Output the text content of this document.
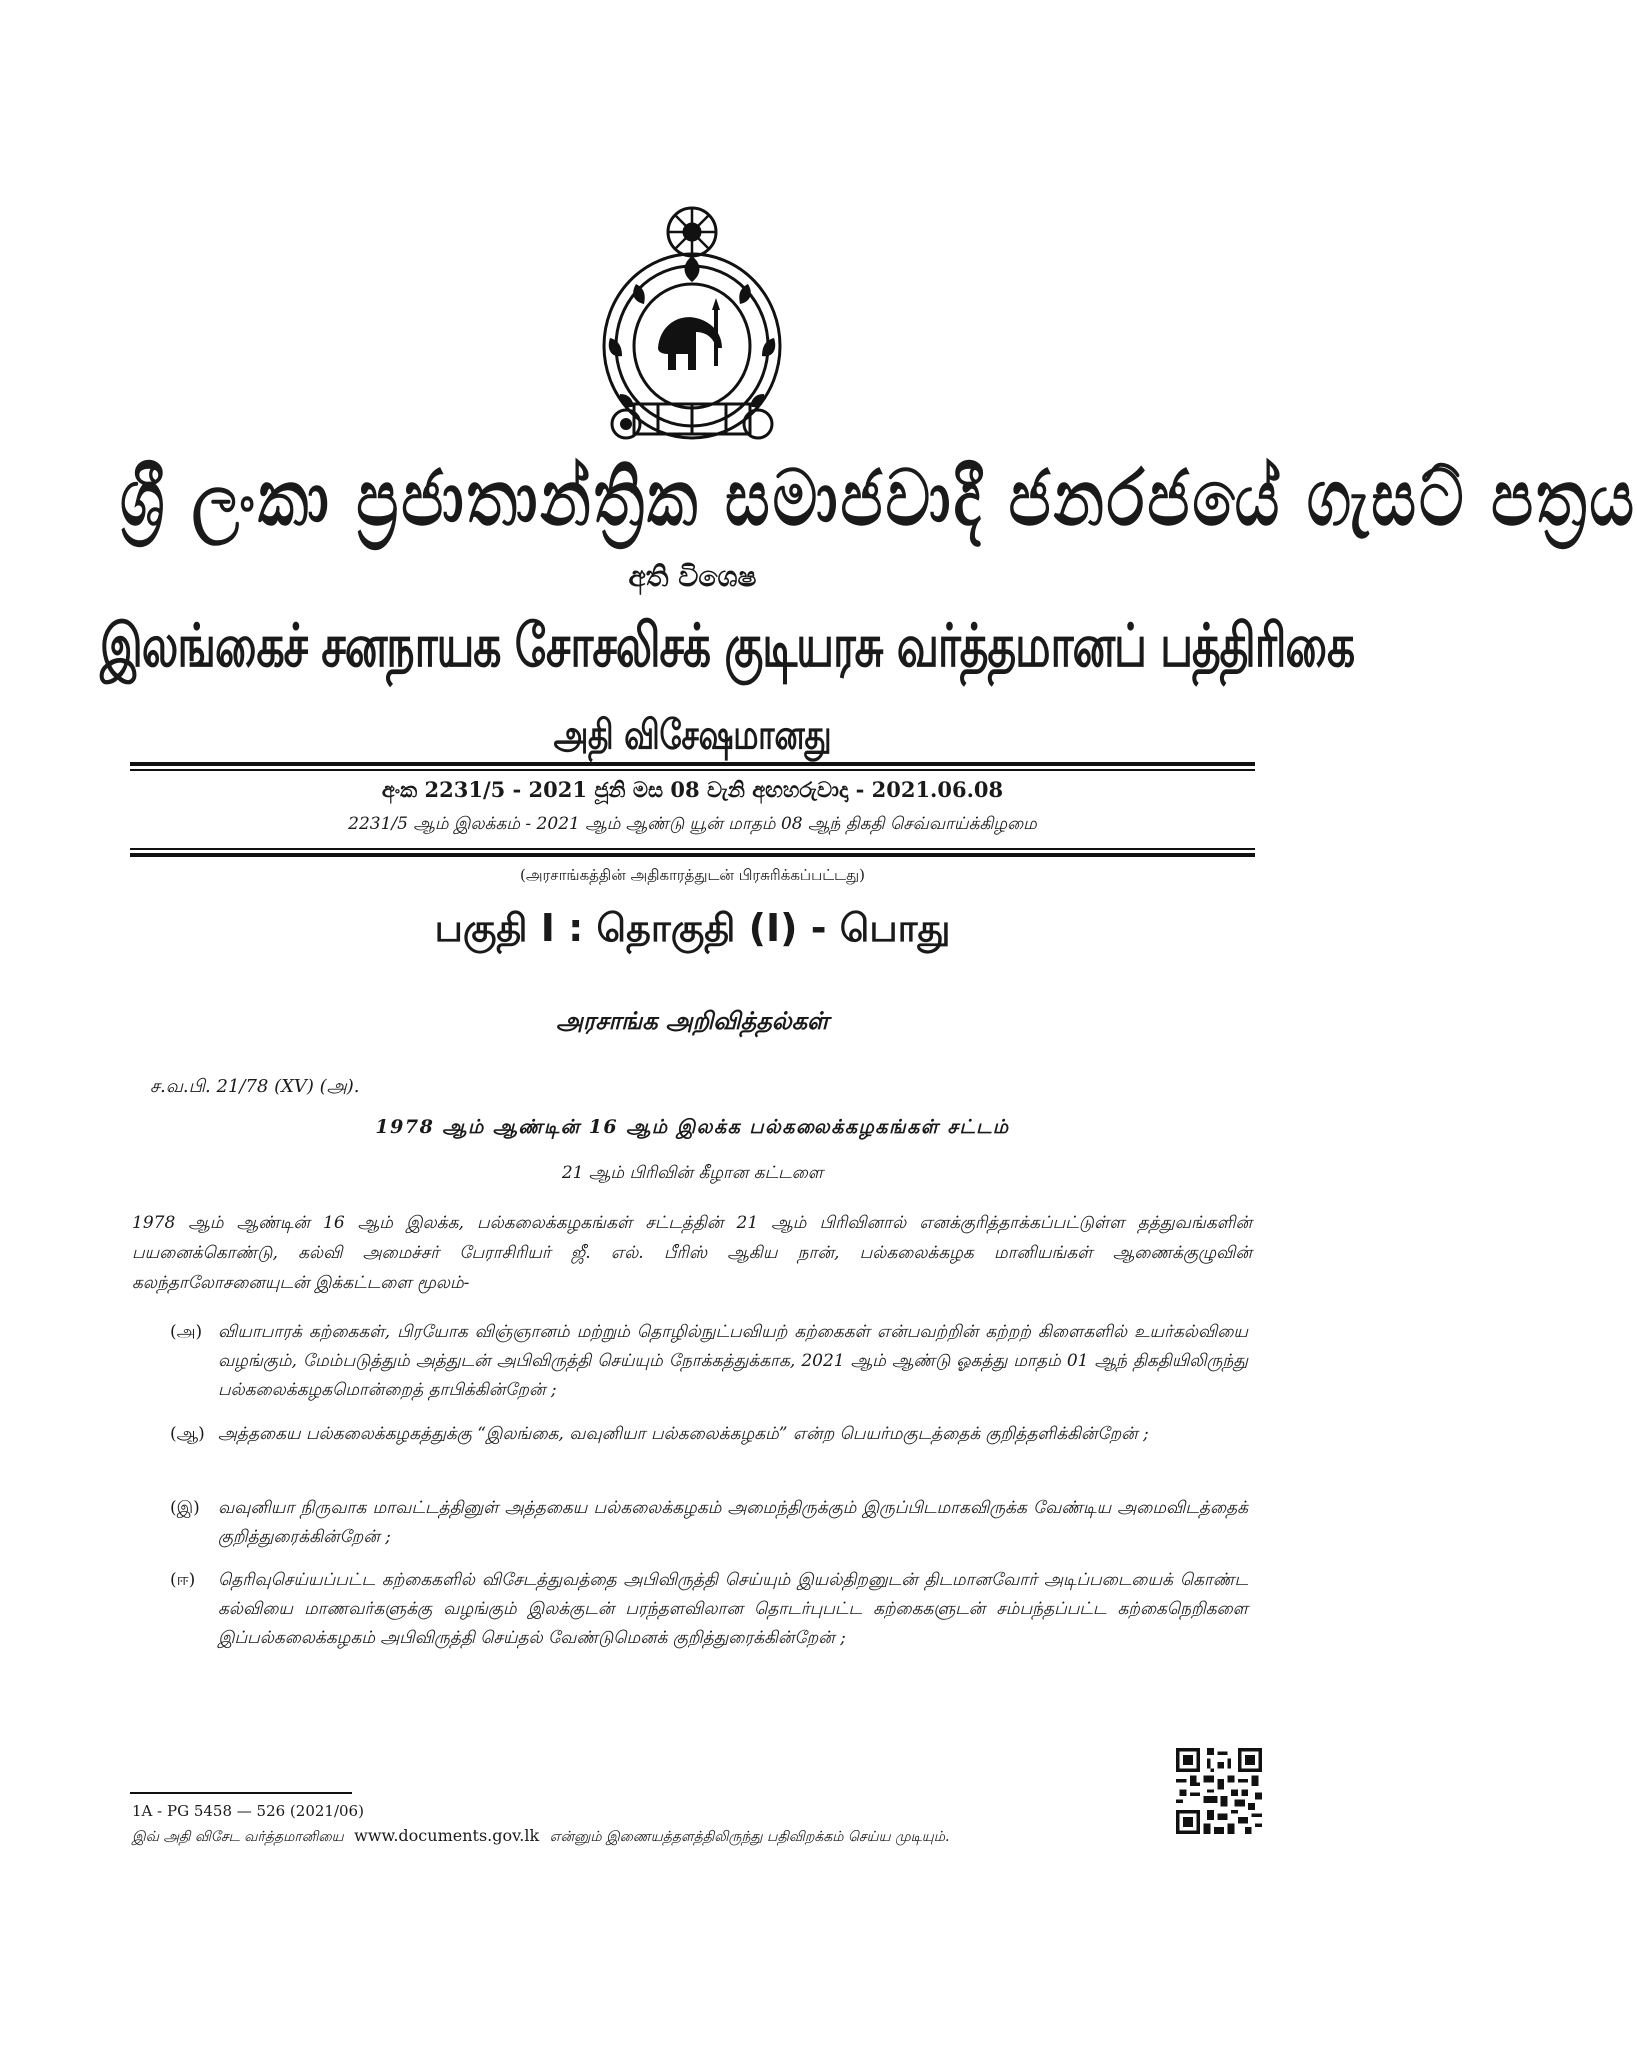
ශ්‍රී ලංකා ප්‍රජාතාන්ත්‍රික සමාජවාදී ජනරජයේ ගැසට් පත්‍රය
අති විශෙෂ
இலங்கைச் சனநாயக சோசலிசக் குடியரசு வர்த்தமானப் பத்திரிகை
அதி விசேஷமானது
අංක 2231/5 - 2021 ජූනි මස 08 වැනි අඟහරුවාදා - 2021.06.08
2231/5 ஆம் இலக்கம் - 2021 ஆம் ஆண்டு யூன் மாதம் 08 ஆந் திகதி செவ்வாய்க்கிழமை
(அரசாங்கத்தின் அதிகாரத்துடன் பிரசுரிக்கப்பட்டது)
பகுதி I : தொகுதி (I) - பொது
அரசாங்க அறிவித்தல்கள்
ச.வ.பி. 21/78 (XV) (அ).
1978 ஆம் ஆண்டின் 16 ஆம் இலக்க பல்கலைக்கழகங்கள் சட்டம்
21 ஆம் பிரிவின் கீழான கட்டளை
1978 ஆம் ஆண்டின் 16 ஆம் இலக்க, பல்கலைக்கழகங்கள் சட்டத்தின் 21 ஆம் பிரிவினால் எனக்குரித்தாக்கப்பட்டுள்ள தத்துவங்களின் பயனைக்கொண்டு, கல்வி அமைச்சர் பேராசிரியர் ஜீ. எல். பீரிஸ் ஆகிய நான், பல்கலைக்கழக மானியங்கள் ஆணைக்குழுவின் கலந்தாலோசனையுடன் இக்கட்டளை மூலம்-
(அ) வியாபாரக் கற்கைகள், பிரயோக விஞ்ஞானம் மற்றும் தொழில்நுட்பவியற் கற்கைகள் என்பவற்றின் கற்றற் கிளைகளில் உயர்கல்வியை வழங்கும், மேம்படுத்தும் அத்துடன் அபிவிருத்தி செய்யும் நோக்கத்துக்காக, 2021 ஆம் ஆண்டு ஓகத்து மாதம் 01 ஆந் திகதியிலிருந்து பல்கலைக்கழகமொன்றைத் தாபிக்கின்றேன் ;
(ஆ) அத்தகைய பல்கலைக்கழகத்துக்கு “இலங்கை, வவுனியா பல்கலைக்கழகம்” என்ற பெயர்மகுடத்தைக் குறித்தளிக்கின்றேன் ;
(இ) வவுனியா நிருவாக மாவட்டத்தினுள் அத்தகைய பல்கலைக்கழகம் அமைந்திருக்கும் இருப்பிடமாகவிருக்க வேண்டிய அமைவிடத்தைக் குறித்துரைக்கின்றேன் ;
(ஈ) தெரிவுசெய்யப்பட்ட கற்கைகளில் விசேடத்துவத்தை அபிவிருத்தி செய்யும் இயல்திறனுடன் திடமானவோர் அடிப்படையைக் கொண்ட கல்வியை மாணவர்களுக்கு வழங்கும் இலக்குடன் பரந்தளவிலான தொடர்புபட்ட கற்கைகளுடன் சம்பந்தப்பட்ட கற்கைநெறிகளை இப்பல்கலைக்கழகம் அபிவிருத்தி செய்தல் வேண்டுமெனக் குறித்துரைக்கின்றேன் ;
1A - PG 5458 — 526 (2021/06)
இவ் அதி விசேட வர்த்தமானியை www.documents.gov.lk என்னும் இணையத்தளத்திலிருந்து பதிவிறக்கம் செய்ய முடியும்.
